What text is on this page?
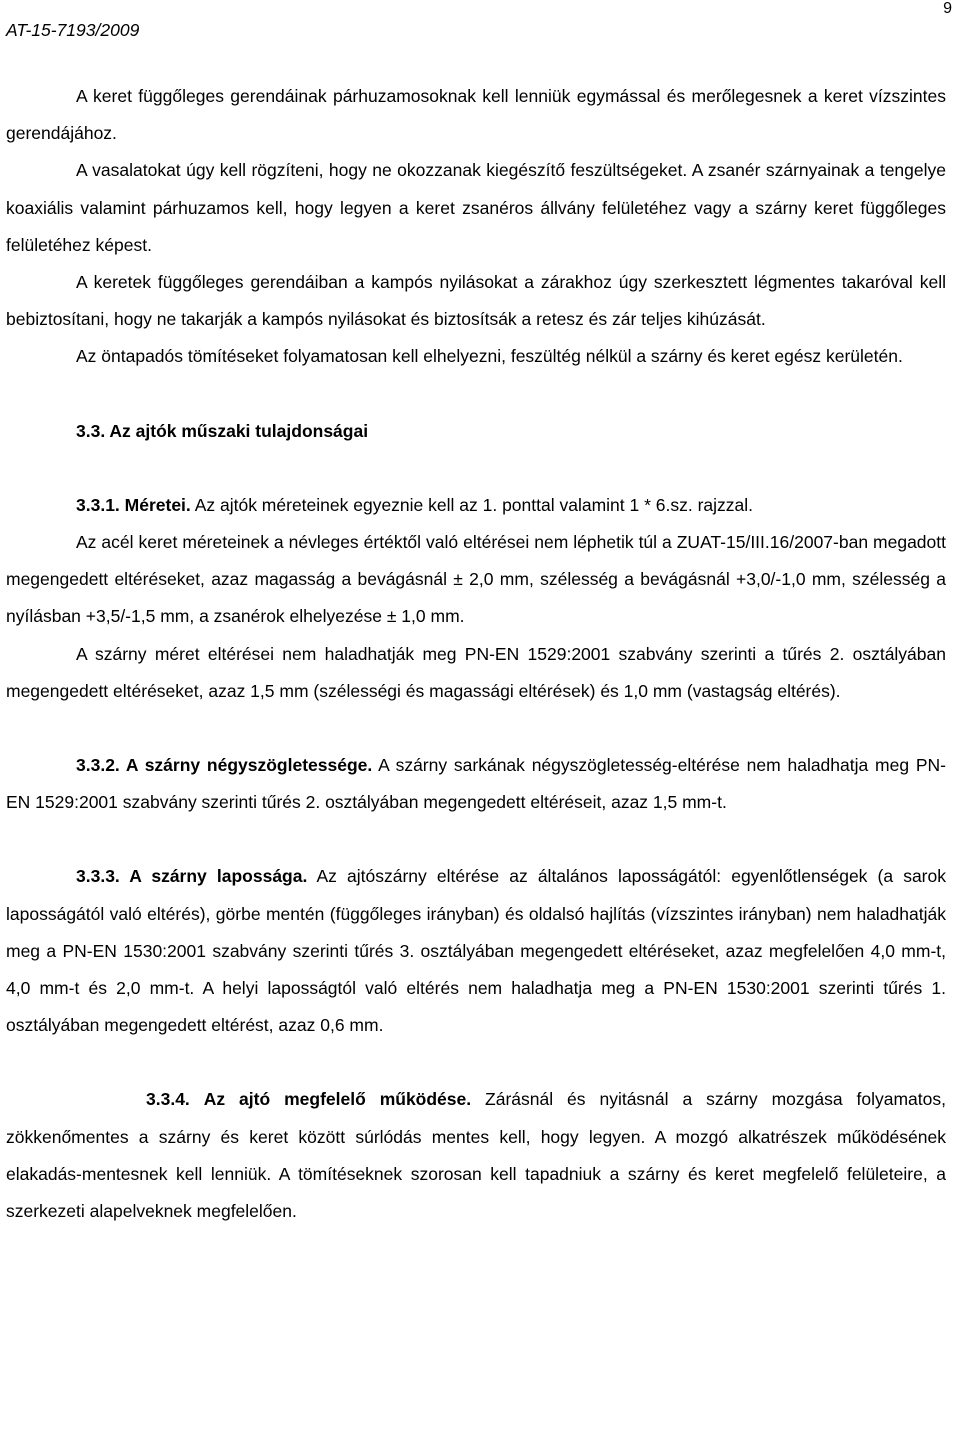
AT-15-7193/2009
9

A keret függőleges gerendáinak párhuzamosoknak kell lenniük egymással és merőlegesnek a keret vízszintes gerendájához.

A vasalatokat úgy kell rögzíteni, hogy ne okozzanak kiegészítő feszültségeket. A zsanér szárnyainak a tengelye koaxiális valamint párhuzamos kell, hogy legyen a keret zsanéros állvány felületéhez vagy a szárny keret függőleges felületéhez képest.

A keretek függőleges gerendáiban a kampós nyilásokat a zárakhoz úgy szerkesztett légmentes takaróval kell bebiztosítani, hogy ne takarják a kampós nyilásokat és biztosítsák a retesz és zár teljes kihúzását.

Az öntapadós tömítéseket folyamatosan kell elhelyezni, feszültég nélkül a szárny és keret egész kerületén.

3.3. Az ajtók műszaki tulajdonságai

3.3.1. Méretei. Az ajtók méreteinek egyeznie kell az 1. ponttal valamint 1 * 6.sz. rajzzal.

Az acél keret méreteinek a névleges értéktől való eltérései nem léphetik túl a ZUAT-15/III.16/2007-ban megadott megengedett eltéréseket, azaz magasság a bevágásnál ± 2,0 mm, szélesség a bevágásnál +3,0/-1,0 mm, szélesség a nyílásban +3,5/-1,5 mm, a zsanérok elhelyezése ± 1,0 mm.

A szárny méret eltérései nem haladhatják meg PN-EN 1529:2001 szabvány szerinti a tűrés 2. osztályában megengedett eltéréseket, azaz 1,5 mm (szélességi és magassági eltérések) és 1,0 mm (vastagság eltérés).

3.3.2. A szárny négyszögletessége. A szárny sarkának négyszögletesség-eltérése nem haladhatja meg PN-EN 1529:2001 szabvány szerinti tűrés 2. osztályában megengedett eltéréseit, azaz 1,5 mm-t.

3.3.3. A szárny lapossága. Az ajtószárny eltérése az általános laposságától: egyenlőtlenségek (a sarok laposságától való eltérés), görbe mentén (függőleges irányban) és oldalsó hajlítás (vízszintes irányban) nem haladhatják meg a PN-EN 1530:2001 szabvány szerinti tűrés 3. osztályában megengedett eltéréseket, azaz megfelelően 4,0 mm-t, 4,0 mm-t és 2,0 mm-t. A helyi laposságtól való eltérés nem haladhatja meg a PN-EN 1530:2001 szerinti tűrés 1. osztályában megengedett eltérést, azaz 0,6 mm.

3.3.4. Az ajtó megfelelő működése. Zárásnál és nyitásnál a szárny mozgása folyamatos, zökkenőmentes a szárny és keret között súrlódás mentes kell, hogy legyen. A mozgó alkatrészek működésének elakadás-mentesnek kell lenniük. A tömítéseknek szorosan kell tapadniuk a szárny és keret megfelelő felületeire, a szerkezeti alapelveknek megfelelően.
